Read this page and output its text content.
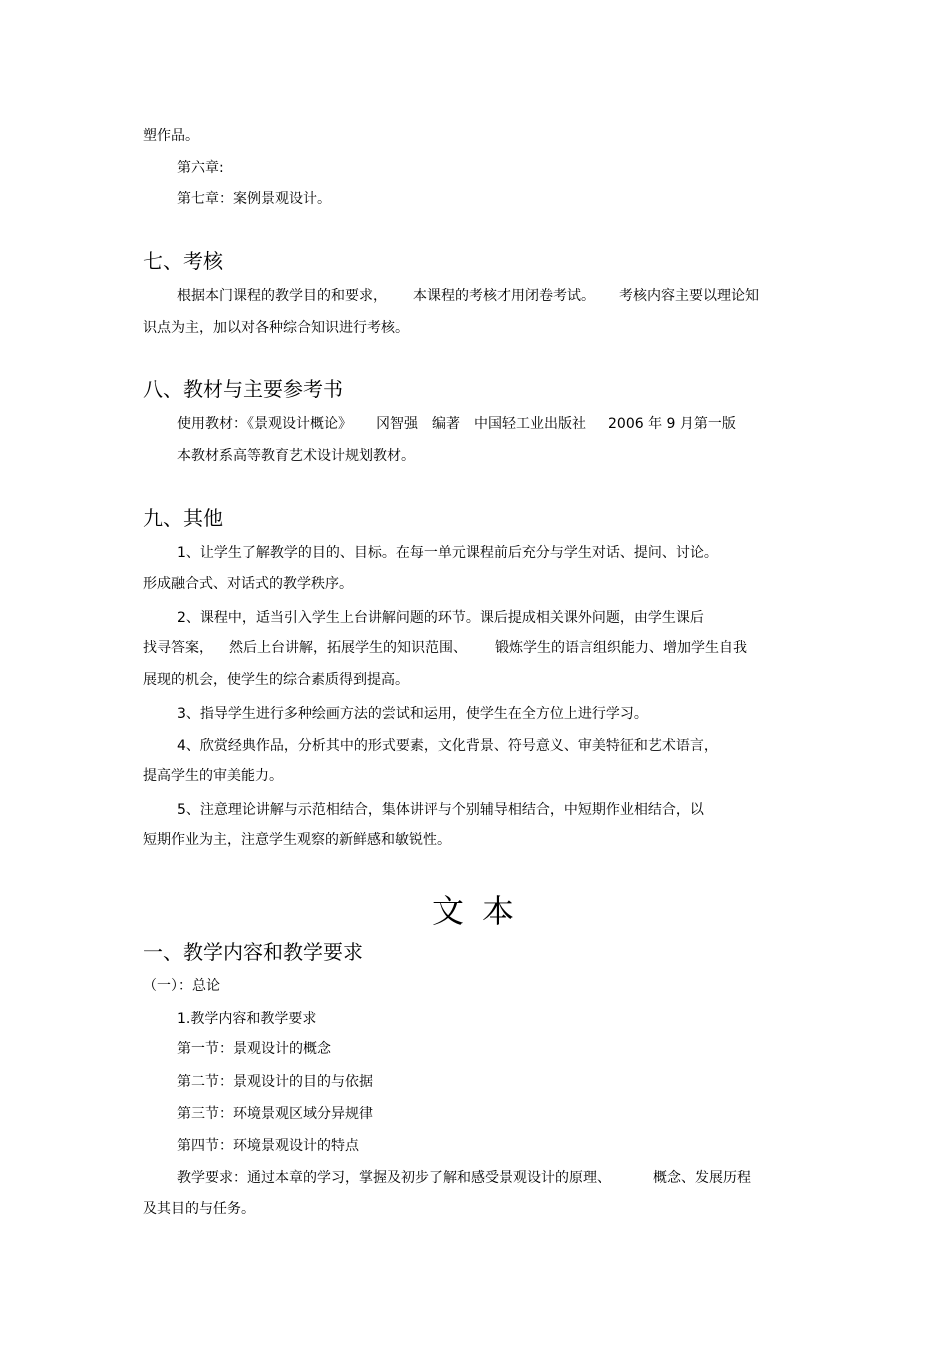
塑作品。
第六章:
第七章：案例景观设计。
七、考核
根据本门课程的教学目的和要求， 本课程的考核才用闭卷考试。 考核内容主要以理论知
识点为主，加以对各种综合知识进行考核。
八、教材与主要参考书
使用教材：《景观设计概论》 冈智强　编著　中国轻工业出版社 2006 年 9 月第一版
本教材系高等教育艺术设计规划教材。
九、其他
1、让学生了解教学的目的、目标。在每一单元课程前后充分与学生对话、提问、讨论。
形成融合式、对话式的教学秩序。
2、课程中，适当引入学生上台讲解问题的环节。课后提成相关课外问题，由学生课后
找寻答案， 然后上台讲解，拓展学生的知识范围、 锻炼学生的语言组织能力、增加学生自我
展现的机会，使学生的综合素质得到提高。
3、指导学生进行多种绘画方法的尝试和运用，使学生在全方位上进行学习。
4、欣赏经典作品，分析其中的形式要素，文化背景、符号意义、审美特征和艺术语言，
提高学生的审美能力。
5、注意理论讲解与示范相结合，集体讲评与个别辅导相结合，中短期作业相结合，以
短期作业为主，注意学生观察的新鲜感和敏锐性。
文本
一、教学内容和教学要求
（一）：总论
1.教学内容和教学要求
第一节：景观设计的概念
第二节：景观设计的目的与依据
第三节：环境景观区域分异规律
第四节：环境景观设计的特点
教学要求：通过本章的学习，掌握及初步了解和感受景观设计的原理、	概念、发展历程
及其目的与任务。
